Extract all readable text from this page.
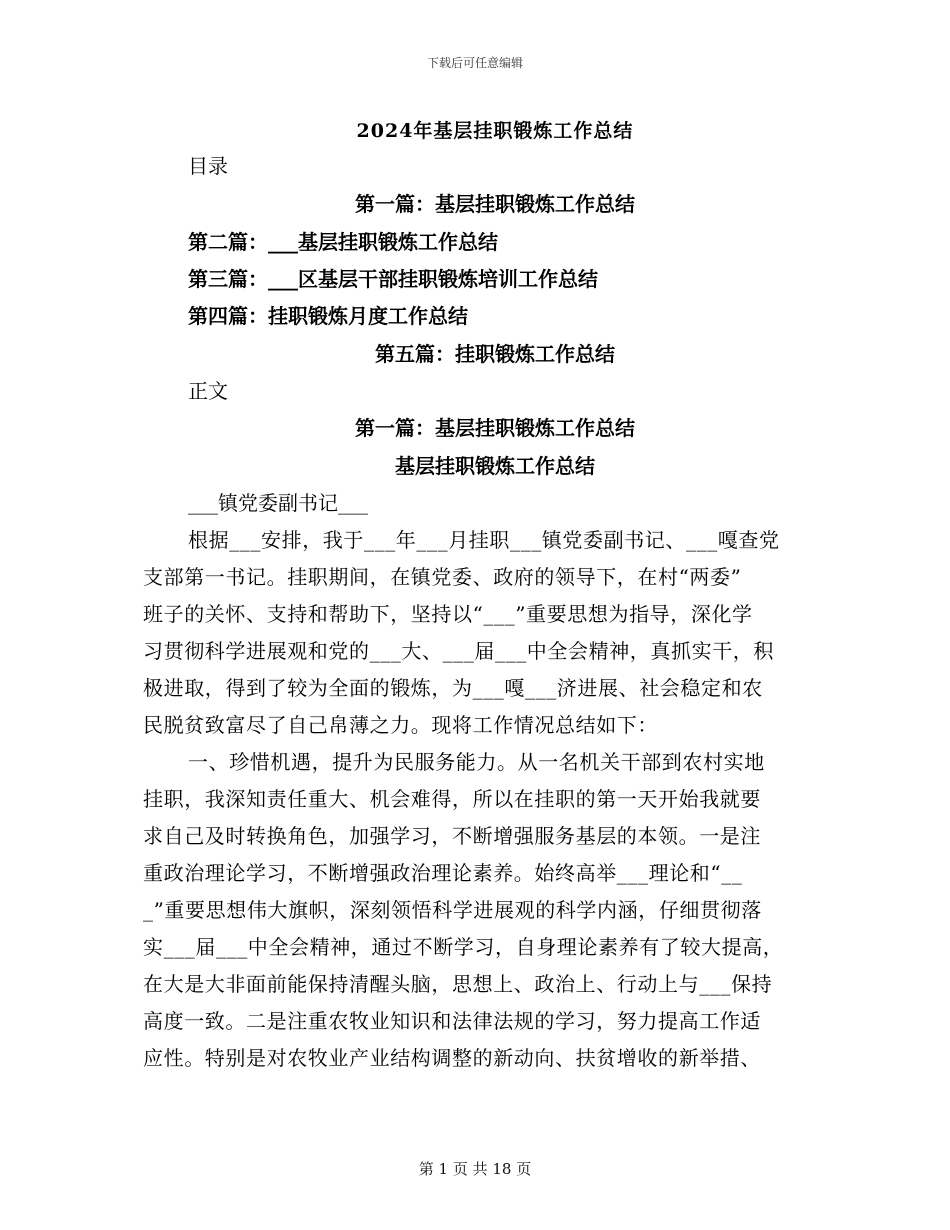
下载后可任意编辑
2024年基层挂职锻炼工作总结
目录
第一篇：基层挂职锻炼工作总结
第二篇：___基层挂职锻炼工作总结
第三篇：___区基层干部挂职锻炼培训工作总结
第四篇：挂职锻炼月度工作总结
第五篇：挂职锻炼工作总结
正文
第一篇：基层挂职锻炼工作总结
基层挂职锻炼工作总结
___镇党委副书记___
根据___安排，我于___年___月挂职___镇党委副书记、___嘎查党
支部第一书记。挂职期间，在镇党委、政府的领导下，在村“两委”
班子的关怀、支持和帮助下，坚持以“___”重要思想为指导，深化学
习贯彻科学进展观和党的___大、___届___中全会精神，真抓实干，积
极进取，得到了较为全面的锻炼，为___嘎___济进展、社会稳定和农
民脱贫致富尽了自己帛薄之力。现将工作情况总结如下：
一、珍惜机遇，提升为民服务能力。从一名机关干部到农村实地
挂职，我深知责任重大、机会难得，所以在挂职的第一天开始我就要
求自己及时转换角色，加强学习，不断增强服务基层的本领。一是注
重政治理论学习，不断增强政治理论素养。始终高举___理论和“__
_”重要思想伟大旗帜，深刻领悟科学进展观的科学内涵，仔细贯彻落
实___届___中全会精神，通过不断学习，自身理论素养有了较大提高，
在大是大非面前能保持清醒头脑，思想上、政治上、行动上与___保持
高度一致。二是注重农牧业知识和法律法规的学习，努力提高工作适
应性。特别是对农牧业产业结构调整的新动向、扶贫增收的新举措、
第 1 页 共 18 页
